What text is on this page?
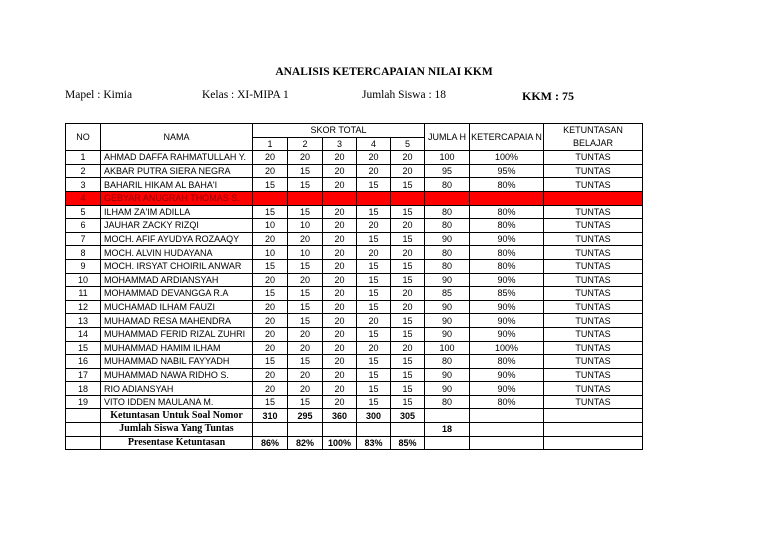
ANALISIS KETERCAPAIAN NILAI KKM
Mapel : Kimia	Kelas : XI-MIPA 1	Jumlah Siswa : 18	KKM : 75
NO	NAMA	SKOR TOTAL					JUMLA H	KETERCAPAIA N	KETUNTASAN BELAJAR
		1	2	3	4	5			
1	AHMAD DAFFA RAHMATULLAH Y.	20	20	20	20	20	100	100%	TUNTAS
2	AKBAR PUTRA SIERA NEGRA	20	15	20	20	20	95	95%	TUNTAS
3	BAHARIL HIKAM AL BAHA'I	15	15	20	15	15	80	80%	TUNTAS
4	GEBYAR ANUGRAH THOMAS S.								
5	ILHAM ZA'IM ADILLA	15	15	20	15	15	80	80%	TUNTAS
6	JAUHAR ZACKY RIZQI	10	10	20	20	20	80	80%	TUNTAS
7	MOCH. AFIF AYUDYA ROZAAQY	20	20	20	15	15	90	90%	TUNTAS
8	MOCH. ALVIN HUDAYANA	10	10	20	20	20	80	80%	TUNTAS
9	MOCH. IRSYAT CHOIRIL ANWAR	15	15	20	15	15	80	80%	TUNTAS
10	MOHAMMAD ARDIANSYAH	20	20	20	15	15	90	90%	TUNTAS
11	MOHAMMAD DEVANGGA R.A	15	15	20	15	20	85	85%	TUNTAS
12	MUCHAMAD ILHAM FAUZI	20	15	20	15	20	90	90%	TUNTAS
13	MUHAMAD RESA MAHENDRA	20	15	20	20	15	90	90%	TUNTAS
14	MUHAMMAD FERID RIZAL ZUHRI	20	20	20	15	15	90	90%	TUNTAS
15	MUHAMMAD HAMIM ILHAM	20	20	20	20	20	100	100%	TUNTAS
16	MUHAMMAD NABIL FAYYADH	15	15	20	15	15	80	80%	TUNTAS
17	MUHAMMAD NAWA RIDHO S.	20	20	20	15	15	90	90%	TUNTAS
18	RIO ADIANSYAH	20	20	20	15	15	90	90%	TUNTAS
19	VITO IDDEN MAULANA M.	15	15	20	15	15	80	80%	TUNTAS
	Ketuntasan Untuk Soal Nomor	310	295	360	300	305			
	Jumlah Siswa Yang Tuntas						18		
	Presentase Ketuntasan	86%	82%	100%	83%	85%			
